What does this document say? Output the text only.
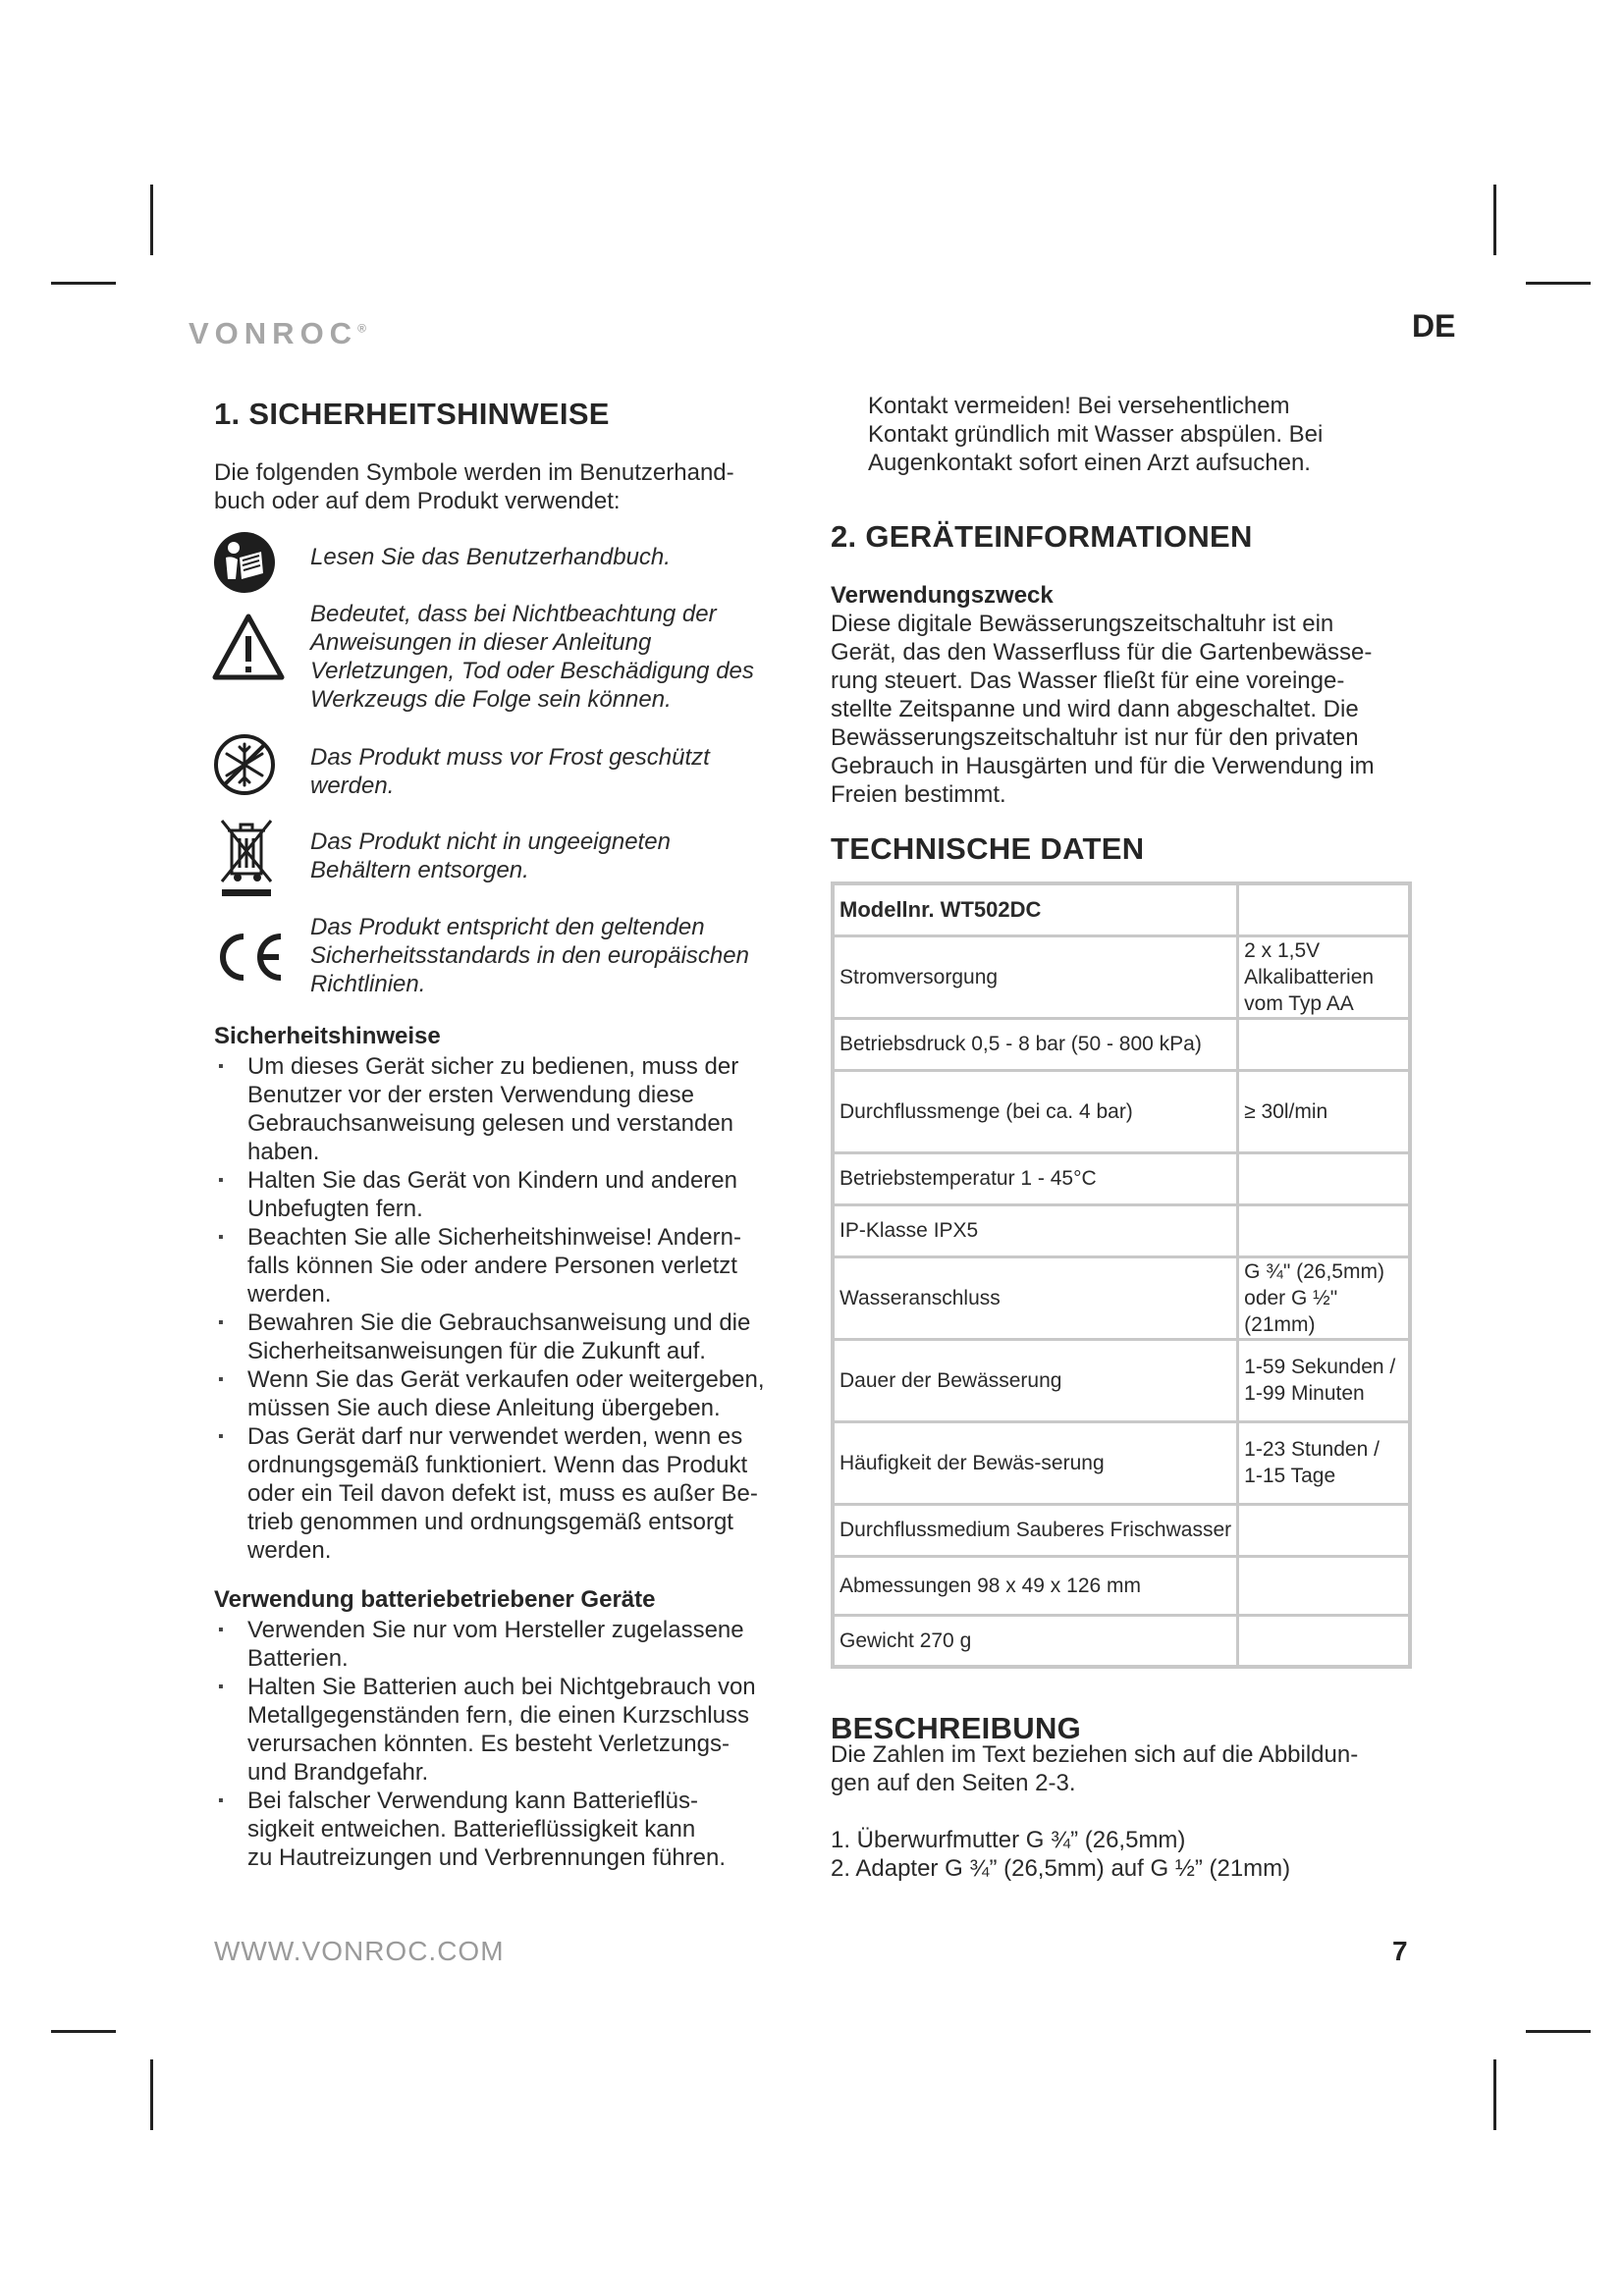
VONROC®	DE
1. SICHERHEITSHINWEISE
Die folgenden Symbole werden im Benutzerhand-
buch oder auf dem Produkt verwendet:
Lesen Sie das Benutzerhandbuch.
Bedeutet, dass bei Nichtbeachtung der
Anweisungen in dieser Anleitung
Verletzungen, Tod oder Beschädigung des
Werkzeugs die Folge sein können.
Das Produkt muss vor Frost geschützt
werden.
Das Produkt nicht in ungeeigneten
Behältern entsorgen.
Das Produkt entspricht den geltenden
Sicherheitsstandards in den europäischen
Richtlinien.
Sicherheitshinweise
▪ Um dieses Gerät sicher zu bedienen, muss der
Benutzer vor der ersten Verwendung diese
Gebrauchsanweisung gelesen und verstanden
haben.
▪ Halten Sie das Gerät von Kindern und anderen
Unbefugten fern.
▪ Beachten Sie alle Sicherheitshinweise! Andern-
falls können Sie oder andere Personen verletzt
werden.
▪ Bewahren Sie die Gebrauchsanweisung und die
Sicherheitsanweisungen für die Zukunft auf.
▪ Wenn Sie das Gerät verkaufen oder weitergeben,
müssen Sie auch diese Anleitung übergeben.
▪ Das Gerät darf nur verwendet werden, wenn es
ordnungsgemäß funktioniert. Wenn das Produkt
oder ein Teil davon defekt ist, muss es außer Be-
trieb genommen und ordnungsgemäß entsorgt
werden.
Verwendung batteriebetriebener Geräte
▪ Verwenden Sie nur vom Hersteller zugelassene
Batterien.
▪ Halten Sie Batterien auch bei Nichtgebrauch von
Metallgegenständen fern, die einen Kurzschluss
verursachen könnten. Es besteht Verletzungs-
und Brandgefahr.
▪ Bei falscher Verwendung kann Batterieflüs-
sigkeit entweichen. Batterieflüssigkeit kann
zu Hautreizungen und Verbrennungen führen.
Kontakt vermeiden! Bei versehentlichem
Kontakt gründlich mit Wasser abspülen. Bei
Augenkontakt sofort einen Arzt aufsuchen.
2. GERÄTEINFORMATIONEN
Verwendungszweck
Diese digitale Bewässerungszeitschaltuhr ist ein
Gerät, das den Wasserfluss für die Gartenbewässe-
rung steuert. Das Wasser fließt für eine voreinge-
stellte Zeitspanne und wird dann abgeschaltet. Die
Bewässerungszeitschaltuhr ist nur für den privaten
Gebrauch in Hausgärten und für die Verwendung im
Freien bestimmt.
TECHNISCHE DATEN
Modellnr. WT502DC	
Stromversorgung	2 x 1,5V Alkalibatterien vom Typ AA
Betriebsdruck 0,5 - 8 bar (50 - 800 kPa)	
Durchflussmenge (bei ca. 4 bar)	≥ 30l/min
Betriebstemperatur 1 - 45°C	
IP-Klasse IPX5	
Wasseranschluss	G ¾" (26,5mm) oder G ½" (21mm)
Dauer der Bewässerung	1-59 Sekunden / 1-99 Minuten
Häufigkeit der Bewäs-serung	1-23 Stunden / 1-15 Tage
Durchflussmedium Sauberes Frischwasser	
Abmessungen 98 x 49 x 126 mm	
Gewicht 270 g	
BESCHREIBUNG
Die Zahlen im Text beziehen sich auf die Abbildun-
gen auf den Seiten 2-3.
1. Überwurfmutter G ¾” (26,5mm)
2. Adapter G ¾” (26,5mm) auf G ½” (21mm)
WWW.VONROC.COM	7
